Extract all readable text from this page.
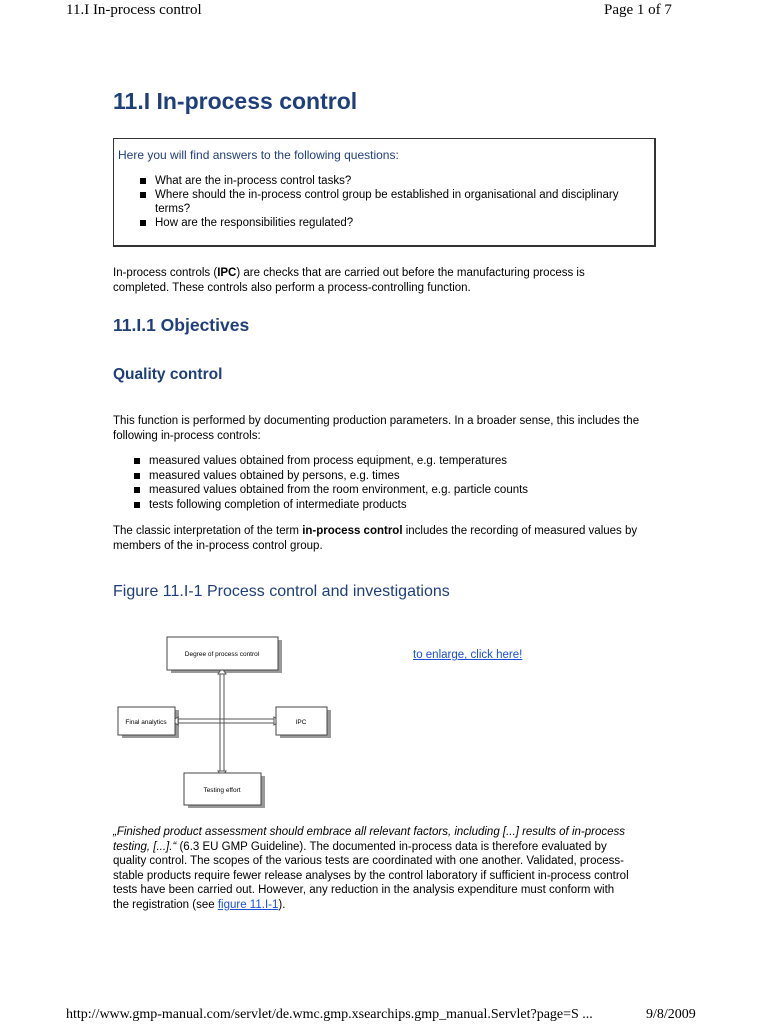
11.I In-process control	Page 1 of 7
11.I In-process control
Here you will find answers to the following questions:
What are the in-process control tasks?
Where should the in-process control group be established in organisational and disciplinary terms?
How are the responsibilities regulated?
In-process controls (IPC) are checks that are carried out before the manufacturing process is completed. These controls also perform a process-controlling function.
11.I.1 Objectives
Quality control
This function is performed by documenting production parameters. In a broader sense, this includes the following in-process controls:
measured values obtained from process equipment, e.g. temperatures
measured values obtained by persons, e.g. times
measured values obtained from the room environment, e.g. particle counts
tests following completion of intermediate products
The classic interpretation of the term in-process control includes the recording of measured values by members of the in-process control group.
Figure 11.I-1 Process control and investigations
Degree of process control
Final analytics	IPC
Testing effort
to enlarge, click here!
„Finished product assessment should embrace all relevant factors, including [...] results of in-process testing, [...].“ (6.3 EU GMP Guideline). The documented in-process data is therefore evaluated by quality control. The scopes of the various tests are coordinated with one another. Validated, process-stable products require fewer release analyses by the control laboratory if sufficient in-process control tests have been carried out. However, any reduction in the analysis expenditure must conform with the registration (see figure 11.I-1).
http://www.gmp-manual.com/servlet/de.wmc.gmp.xsearchips.gmp_manual.Servlet?page=S ...	9/8/2009
